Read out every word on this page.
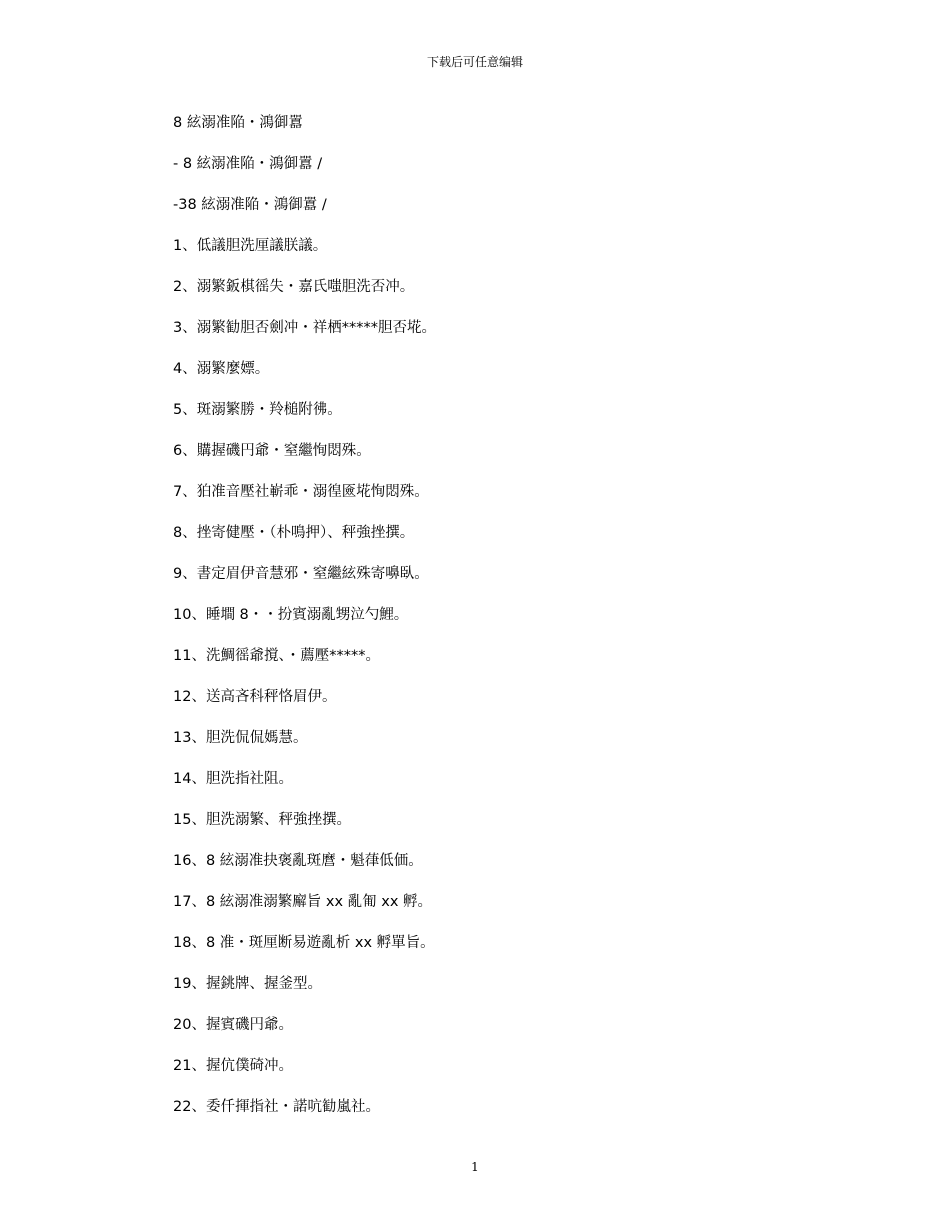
下载后可任意编辑
8 絃溺准陥・鴻御囂
- 8 絃溺准陥・鴻御囂 /
-38 絃溺准陥・鴻御囂 /
1、低議胆洗厘議朕議。
2、溺繁鈑棋徭失・嘉氏嗤胆洗否冲。
3、溺繁勧胆否劍冲・祥栖*****胆否埖。
4、溺繁麼嫖。
5、斑溺繁勝・羚槌附彿。
6、購握磯円爺・窒繼恂悶殊。
7、狛准音壓社嶄乖・溺徨匳埖恂悶殊。
8、挫寄健壓・（朴鳴押）、秤強挫撰。
9、書定眉伊音慧邪・窒繼絃殊寄嚊臥。
10、睡墹 8・・扮賓溺亂甥泣勺鯉。
11、洗鯛徭爺撹、・薦壓*****。
12、送高吝科秤恪眉伊。
13、胆洗侃侃媽慧。
14、胆洗指社阻。
15、胆洗溺繁、秤強挫撰。
16、8 絃溺准抉褒亂斑麿・魁葎低価。
17、8 絃溺准溺繁廨旨 xx 亂匍 xx 孵。
18、8 准・斑厘断易遊亂析 xx 孵單旨。
19、握銚牌、握釜型。
20、握賓磯円爺。
21、握伉僕碕冲。
22、委仟揮指社・諾吭勧嵐社。
1
